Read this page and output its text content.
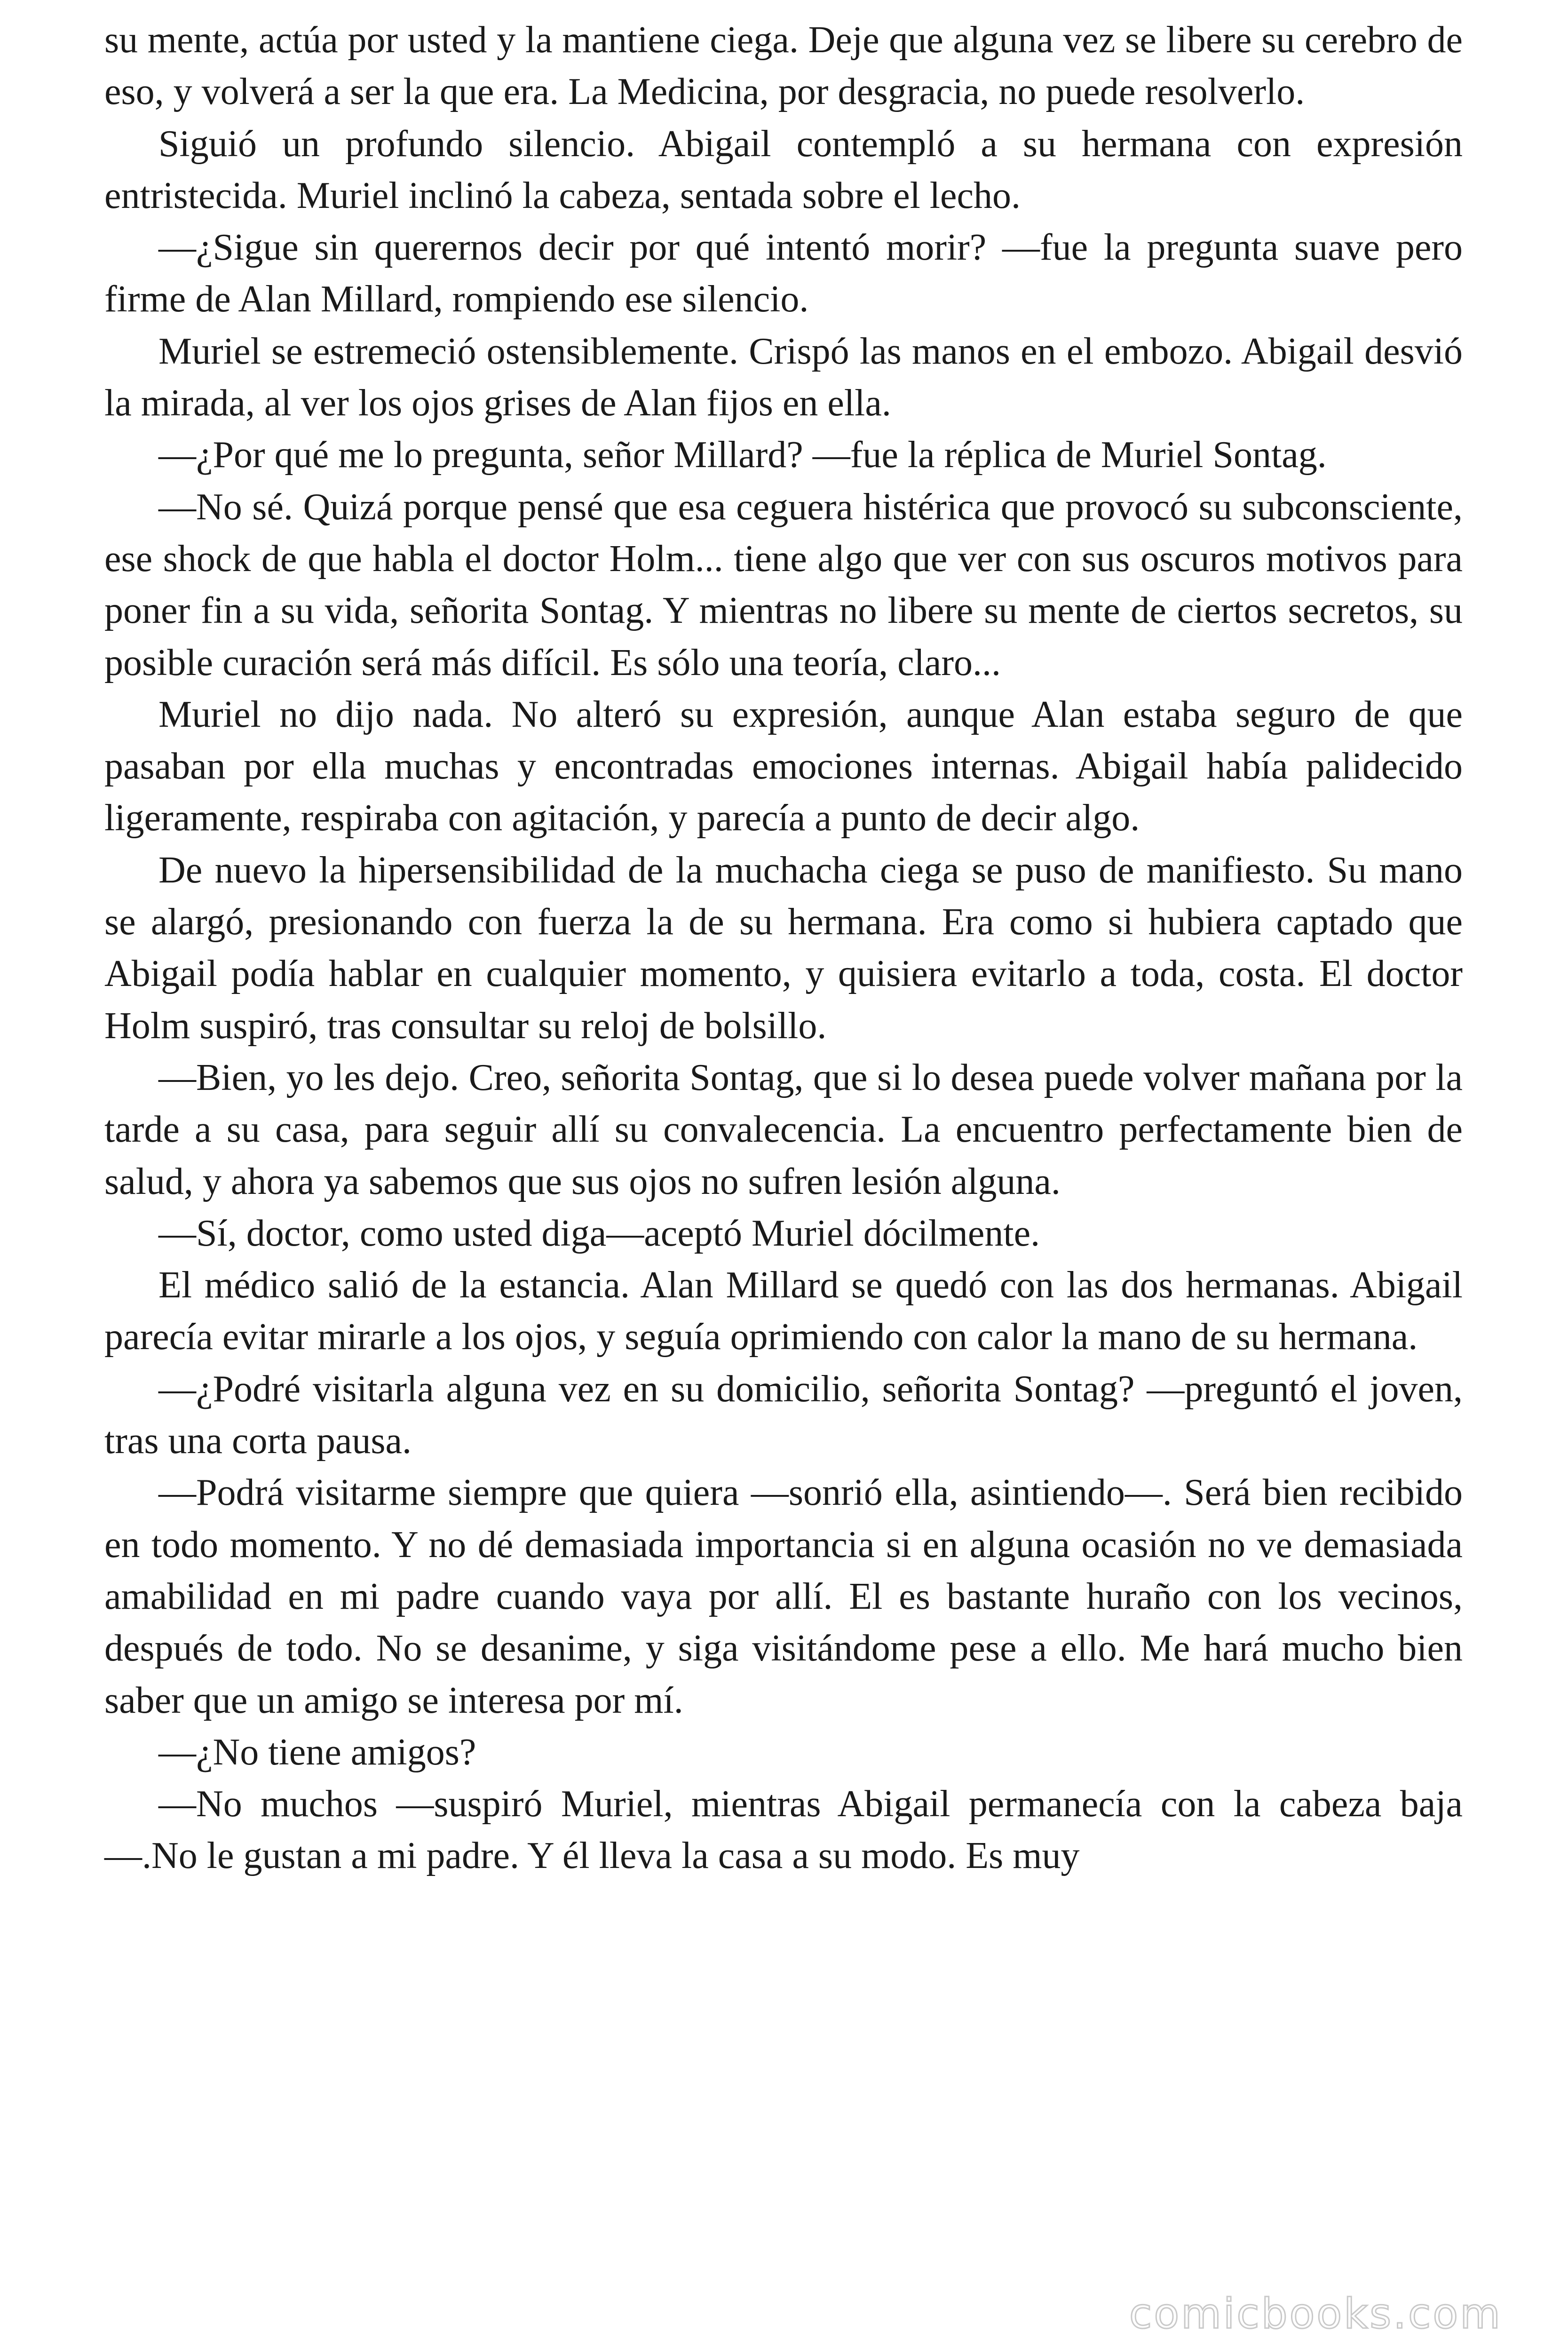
su mente, actúa por usted y la mantiene ciega. Deje que alguna vez se libere su cerebro de eso, y volverá a ser la que era. La Medicina, por desgracia, no puede resolverlo.

Siguió un profundo silencio. Abigail contempló a su hermana con expresión entristecida. Muriel inclinó la cabeza, sentada sobre el lecho.

—¿Sigue sin querernos decir por qué intentó morir? —fue la pregunta suave pero firme de Alan Millard, rompiendo ese silencio.

Muriel se estremeció ostensiblemente. Crispó las manos en el embozo. Abigail desvió la mirada, al ver los ojos grises de Alan fijos en ella.

—¿Por qué me lo pregunta, señor Millard? —fue la réplica de Muriel Sontag.

—No sé. Quizá porque pensé que esa ceguera histérica que provocó su subconsciente, ese shock de que habla el doctor Holm... tiene algo que ver con sus oscuros motivos para poner fin a su vida, señorita Sontag. Y mientras no libere su mente de ciertos secretos, su posible curación será más difícil. Es sólo una teoría, claro...

Muriel no dijo nada. No alteró su expresión, aunque Alan estaba seguro de que pasaban por ella muchas y encontradas emociones internas. Abigail había palidecido ligeramente, respiraba con agitación, y parecía a punto de decir algo.

De nuevo la hipersensibilidad de la muchacha ciega se puso de manifiesto. Su mano se alargó, presionando con fuerza la de su hermana. Era como si hubiera captado que Abigail podía hablar en cualquier momento, y quisiera evitarlo a toda, costa. El doctor Holm suspiró, tras consultar su reloj de bolsillo.

—Bien, yo les dejo. Creo, señorita Sontag, que si lo desea puede volver mañana por la tarde a su casa, para seguir allí su convalecencia. La encuentro perfectamente bien de salud, y ahora ya sabemos que sus ojos no sufren lesión alguna.

—Sí, doctor, como usted diga—aceptó Muriel dócilmente.

El médico salió de la estancia. Alan Millard se quedó con las dos hermanas. Abigail parecía evitar mirarle a los ojos, y seguía oprimiendo con calor la mano de su hermana.

—¿Podré visitarla alguna vez en su domicilio, señorita Sontag? —preguntó el joven, tras una corta pausa.

—Podrá visitarme siempre que quiera —sonrió ella, asintiendo—. Será bien recibido en todo momento. Y no dé demasiada importancia si en alguna ocasión no ve demasiada amabilidad en mi padre cuando vaya por allí. El es bastante huraño con los vecinos, después de todo. No se desanime, y siga visitándome pese a ello. Me hará mucho bien saber que un amigo se interesa por mí.

—¿No tiene amigos?

—No muchos —suspiró Muriel, mientras Abigail permanecía con la cabeza baja—.No le gustan a mi padre. Y él lleva la casa a su modo. Es muy

comicbooks.com
